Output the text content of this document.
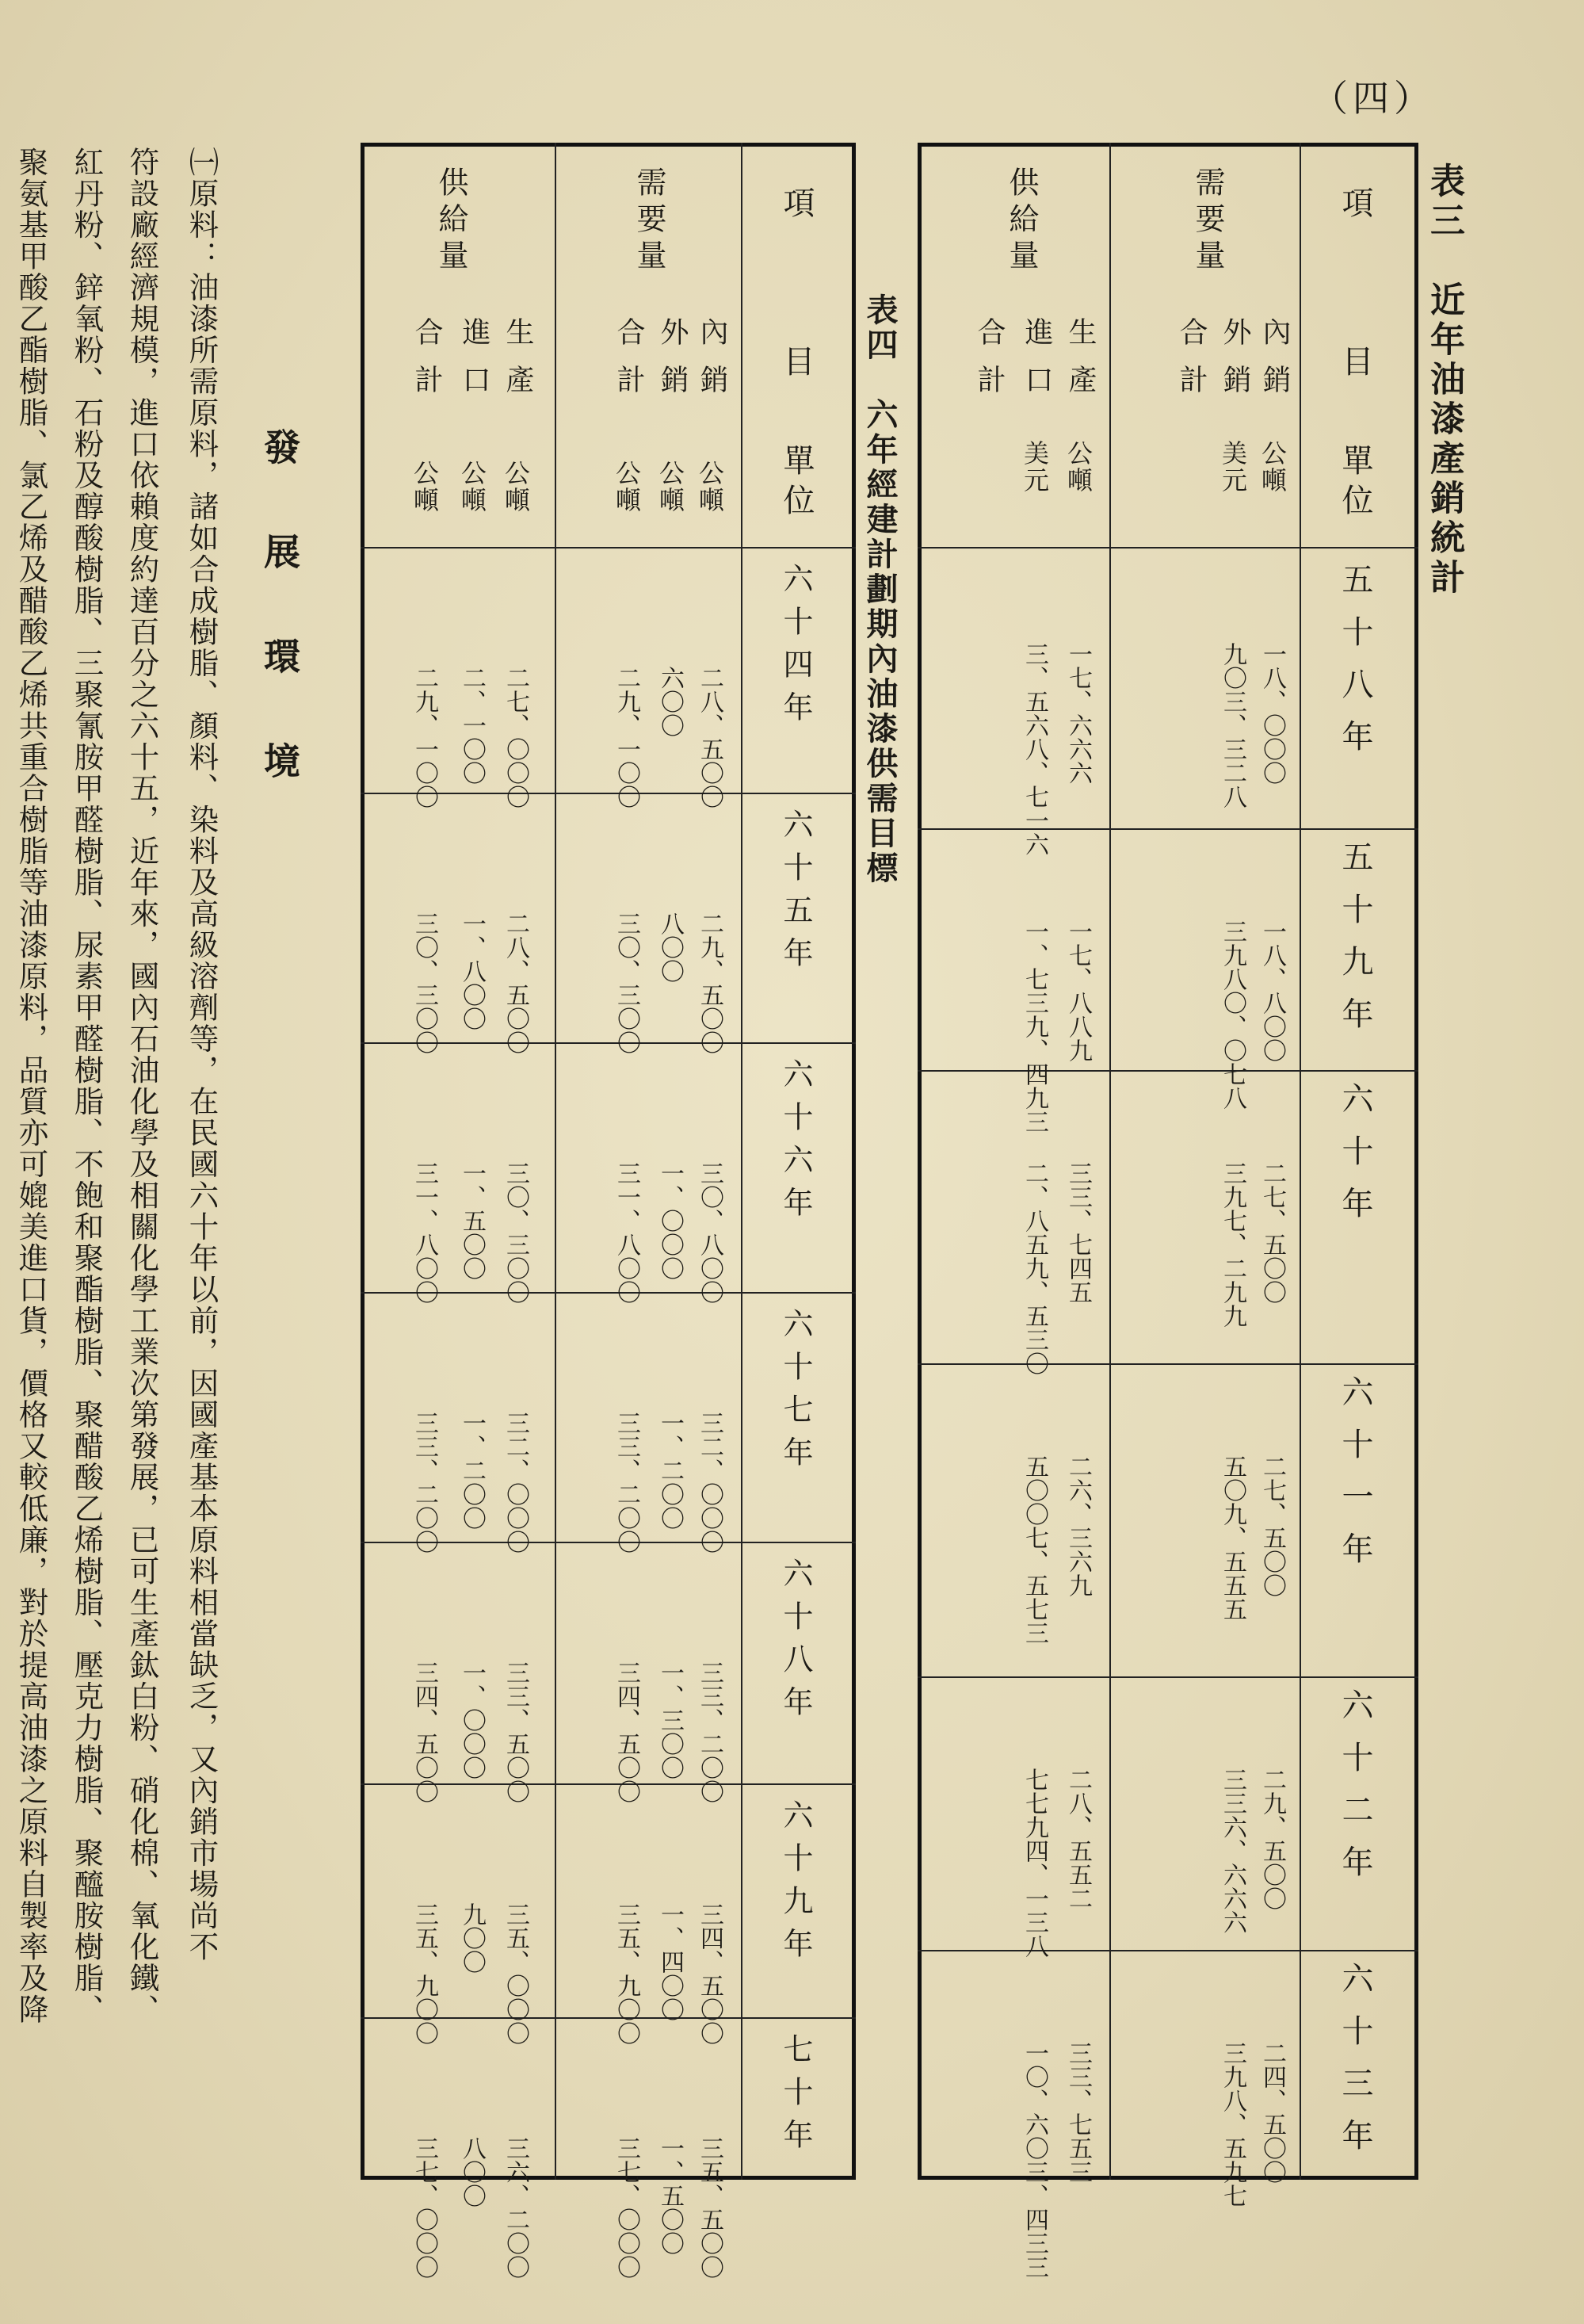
（四）
表三　近年油漆產銷統計
項　目
單位
五十八年
五十九年
六十年
六十一年
六十二年
六十三年
需要量
供給量
內銷
公噸
外銷
美元
合計
生產
公噸
進口
美元
合計
一八、〇〇〇
一八、八〇〇
二七、五〇〇
二七、五〇〇
二九、五〇〇
二四、五〇〇
九〇三、三二八
三九八〇、〇七八
三九七、二九九
五〇九、五五五
三三六、六六六
三九八、五九七
一七、六六六
一七、八八九
三三、七四五
二六、三六九
二八、五五二
三三、七五三
三、五六八、七一六
一、七三九、四九三
二、八五九、五三〇
五〇〇七、五七三
七七九四、一三八
一〇、六〇三、四三三
表四　六年經建計劃期內油漆供需目標
項　目
單位
六十四年
六十五年
六十六年
六十七年
六十八年
六十九年
七十年
需要量
供給量
內銷
公噸
外銷
公噸
合計
公噸
生產
公噸
進口
公噸
合計
公噸
二八、五〇〇
二九、五〇〇
三〇、八〇〇
三二、〇〇〇
三三、二〇〇
三四、五〇〇
三五、五〇〇
六〇〇
八〇〇
一、〇〇〇
一、二〇〇
一、三〇〇
一、四〇〇
一、五〇〇
二九、一〇〇
三〇、三〇〇
三一、八〇〇
三三、二〇〇
三四、五〇〇
三五、九〇〇
三七、〇〇〇
二七、〇〇〇
二八、五〇〇
三〇、三〇〇
三二、〇〇〇
三三、五〇〇
三五、〇〇〇
三六、二〇〇
二、一〇〇
一、八〇〇
一、五〇〇
一、二〇〇
一、〇〇〇
九〇〇
八〇〇
二九、一〇〇
三〇、三〇〇
三一、八〇〇
三三、二〇〇
三四、五〇〇
三五、九〇〇
三七、〇〇〇
發　展　環　境
㈠原料：油漆所需原料，諸如合成樹脂、顏料、染料及高級溶劑等，在民國六十年以前，因國產基本原料相當缺乏，又內銷市場尚不
符設廠經濟規模，進口依賴度約達百分之六十五，近年來，國內石油化學及相關化學工業次第發展，已可生產鈦白粉、硝化棉、氧化鐵、
紅丹粉、鋅氧粉、石粉及醇酸樹脂、三聚氰胺甲醛樹脂、尿素甲醛樹脂、不飽和聚酯樹脂、聚醋酸乙烯樹脂、壓克力樹脂、聚醯胺樹脂、
聚氨基甲酸乙酯樹脂、氯乙烯及醋酸乙烯共重合樹脂等油漆原料，品質亦可媲美進口貨，價格又較低廉，對於提高油漆之原料自製率及降
